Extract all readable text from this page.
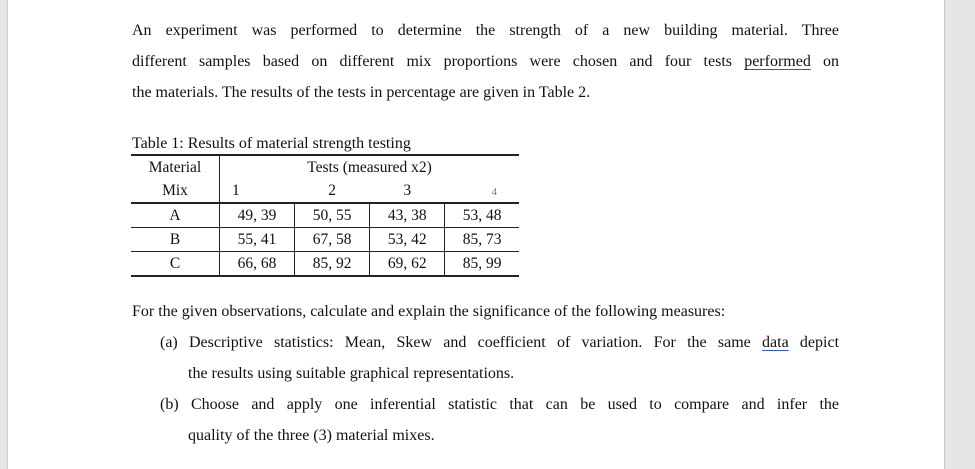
An experiment was performed to determine the strength of a new building material. Three
different samples based on different mix proportions were chosen and four tests performed on
the materials. The results of the tests in percentage are given in Table 2.
Table 1: Results of material strength testing
Material	Tests (measured x2)			
Mix	1	2	3	4
A	49, 39	50, 55	43, 38	53, 48
B	55, 41	67, 58	53, 42	85, 73
C	66, 68	85, 92	69, 62	85, 99
For the given observations, calculate and explain the significance of the following measures:
(a) Descriptive statistics: Mean, Skew and coefficient of variation. For the same data depict
the results using suitable graphical representations.
(b) Choose and apply one inferential statistic that can be used to compare and infer the
quality of the three (3) material mixes.
